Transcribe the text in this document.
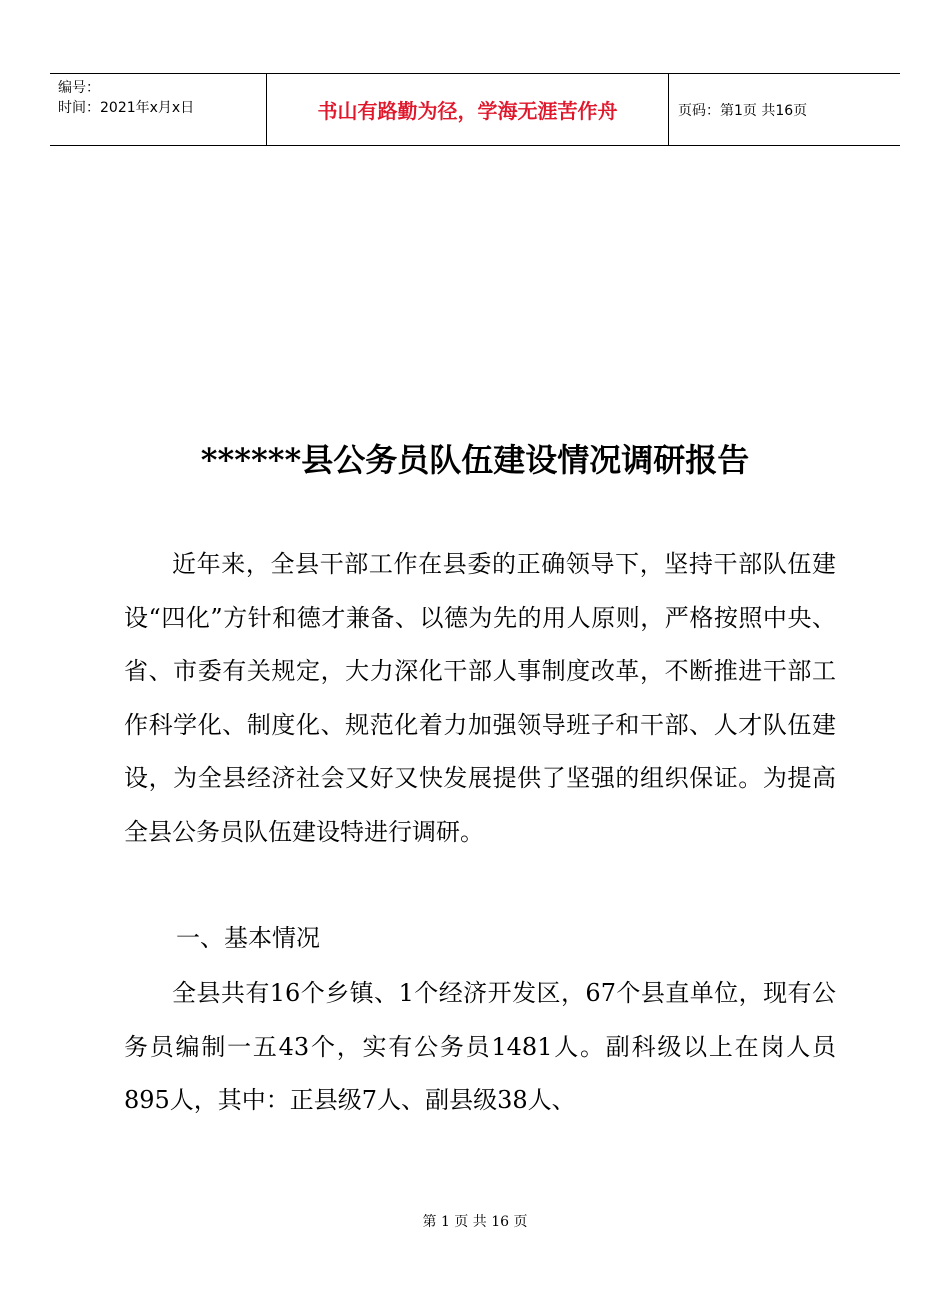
编号：
时间：2021年x月x日	书山有路勤为径，学海无涯苦作舟	页码：第1页 共16页
******县公务员队伍建设情况调研报告

近年来，全县干部工作在县委的正确领导下，坚持干部队伍建设“四化”方针和德才兼备、以德为先的用人原则，严格按照中央、省、市委有关规定，大力深化干部人事制度改革，不断推进干部工作科学化、制度化、规范化着力加强领导班子和干部、人才队伍建设，为全县经济社会又好又快发展提供了坚强的组织保证。为提高全县公务员队伍建设特进行调研。

一、基本情况

全县共有16个乡镇、1个经济开发区，67个县直单位，现有公务员编制一五43个，实有公务员1481人。副科级以上在岗人员895人，其中：正县级7人、副县级38人、

第 1 页 共 16 页
